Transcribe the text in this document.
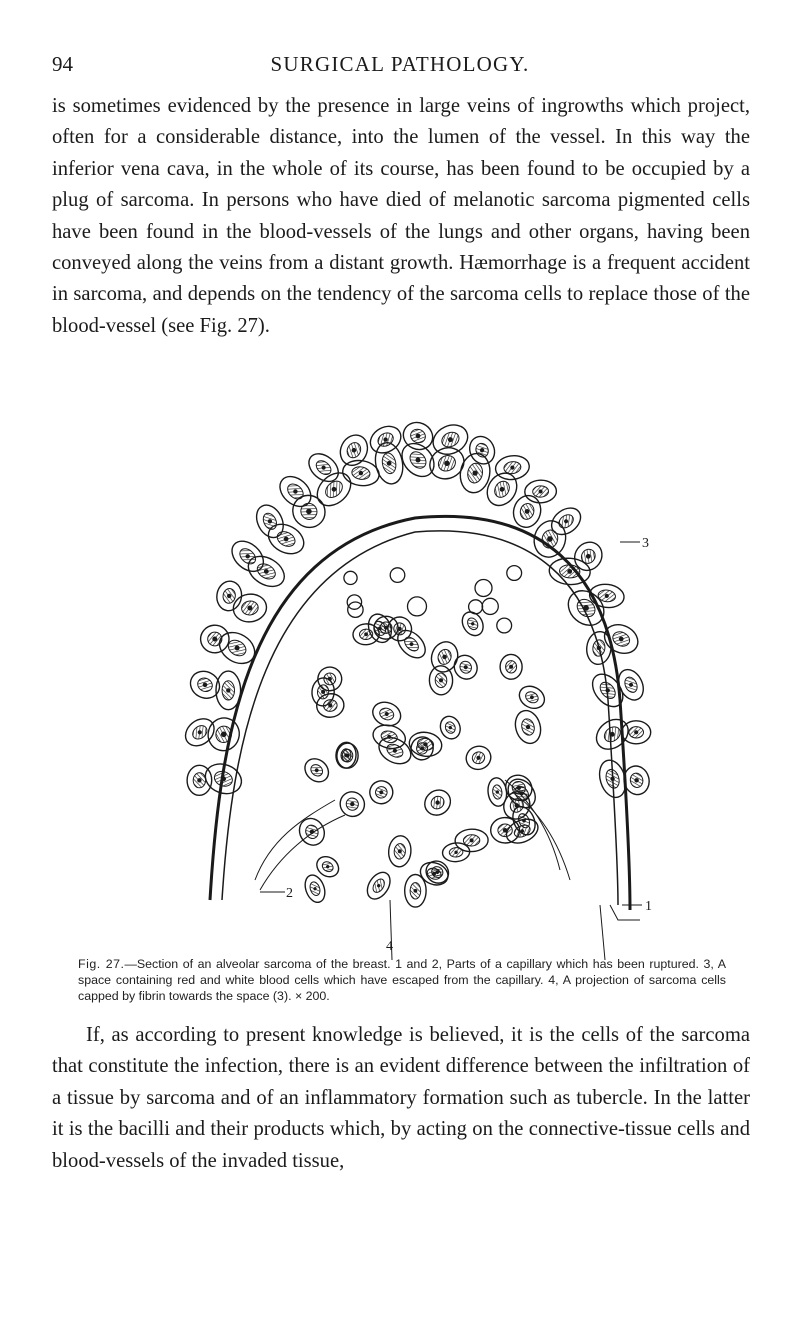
94	SURGICAL PATHOLOGY.

is sometimes evidenced by the presence in large veins of ingrowths which project, often for a considerable distance, into the lumen of the vessel. In this way the inferior vena cava, in the whole of its course, has been found to be occupied by a plug of sarcoma. In persons who have died of melanotic sarcoma pigmented cells have been found in the blood-vessels of the lungs and other organs, having been conveyed along the veins from a distant growth. Hæmorrhage is a frequent accident in sarcoma, and depends on the tendency of the sarcoma cells to replace those of the blood-vessel (see Fig. 27).

3
2
1
4
Fig. 27.—Section of an alveolar sarcoma of the breast. 1 and 2, Parts of a capillary which has been ruptured. 3, A space containing red and white blood cells which have escaped from the capillary. 4, A projection of sarcoma cells capped by fibrin towards the space (3). × 200.

If, as according to present knowledge is believed, it is the cells of the sarcoma that constitute the infection, there is an evident difference between the infiltration of a tissue by sarcoma and of an inflammatory formation such as tubercle. In the latter it is the bacilli and their products which, by acting on the connective-tissue cells and blood-vessels of the invaded tissue,
